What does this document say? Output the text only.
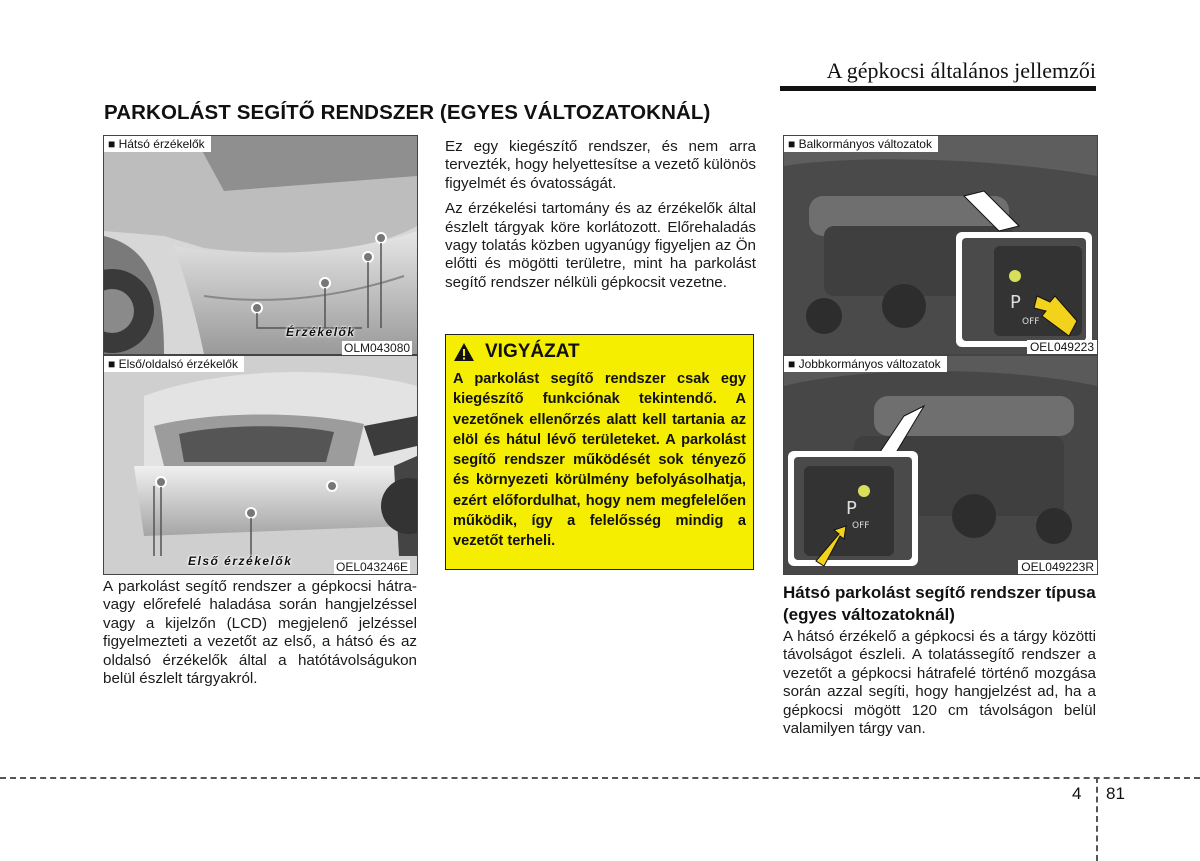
A gépkocsi általános jellemzői
PARKOLÁST SEGÍTŐ RENDSZER (EGYES VÁLTOZATOKNÁL)
■ Hátsó érzékelők
Érzékelők
OLM043080
■ Első/oldalsó érzékelők
Első érzékelők	OEL043246E

A parkolást segítő rendszer a gépkocsi hátra- vagy előrefelé haladása során hangjelzéssel vagy a kijelzőn (LCD) megjelenő jelzéssel figyelmezteti a vezetőt az első, a hátsó és az oldalsó érzékelők által a hatótávolságukon belül észlelt tárgyakról.

Ez egy kiegészítő rendszer, és nem arra tervezték, hogy helyettesítse a vezető különös figyelmét és óvatosságát.

Az érzékelési tartomány és az érzékelők által észlelt tárgyak köre korlátozott. Előrehaladás vagy tolatás közben ugyanúgy figyeljen az Ön előtti és mögötti területre, mint ha parkolást segítő rendszer nélküli gépkocsit vezetne.

VIGYÁZAT
A parkolást segítő rendszer csak egy kiegészítő funkciónak tekintendő. A vezetőnek ellenőrzés alatt kell tartania az elöl és hátul lévő területeket. A parkolást segítő rendszer működését sok tényező és környezeti körülmény befolyásolhatja, ezért előfordulhat, hogy nem megfelelően működik, így a felelősség mindig a vezetőt terheli.
P
OFF
■ Balkormányos változatok
OEL049223
P
OFF
■ Jobbkormányos változatok
OEL049223R
Hátsó parkolást segítő rendszer típusa (egyes változatoknál)

A hátsó érzékelő a gépkocsi és a tárgy közötti távolságot észleli. A tolatássegítő rendszer a vezetőt a gépkocsi hátrafelé történő mozgása során azzal segíti, hogy hangjelzést ad, ha a gépkocsi mögött 120 cm távolságon belül valamilyen tárgy van.

4 81
